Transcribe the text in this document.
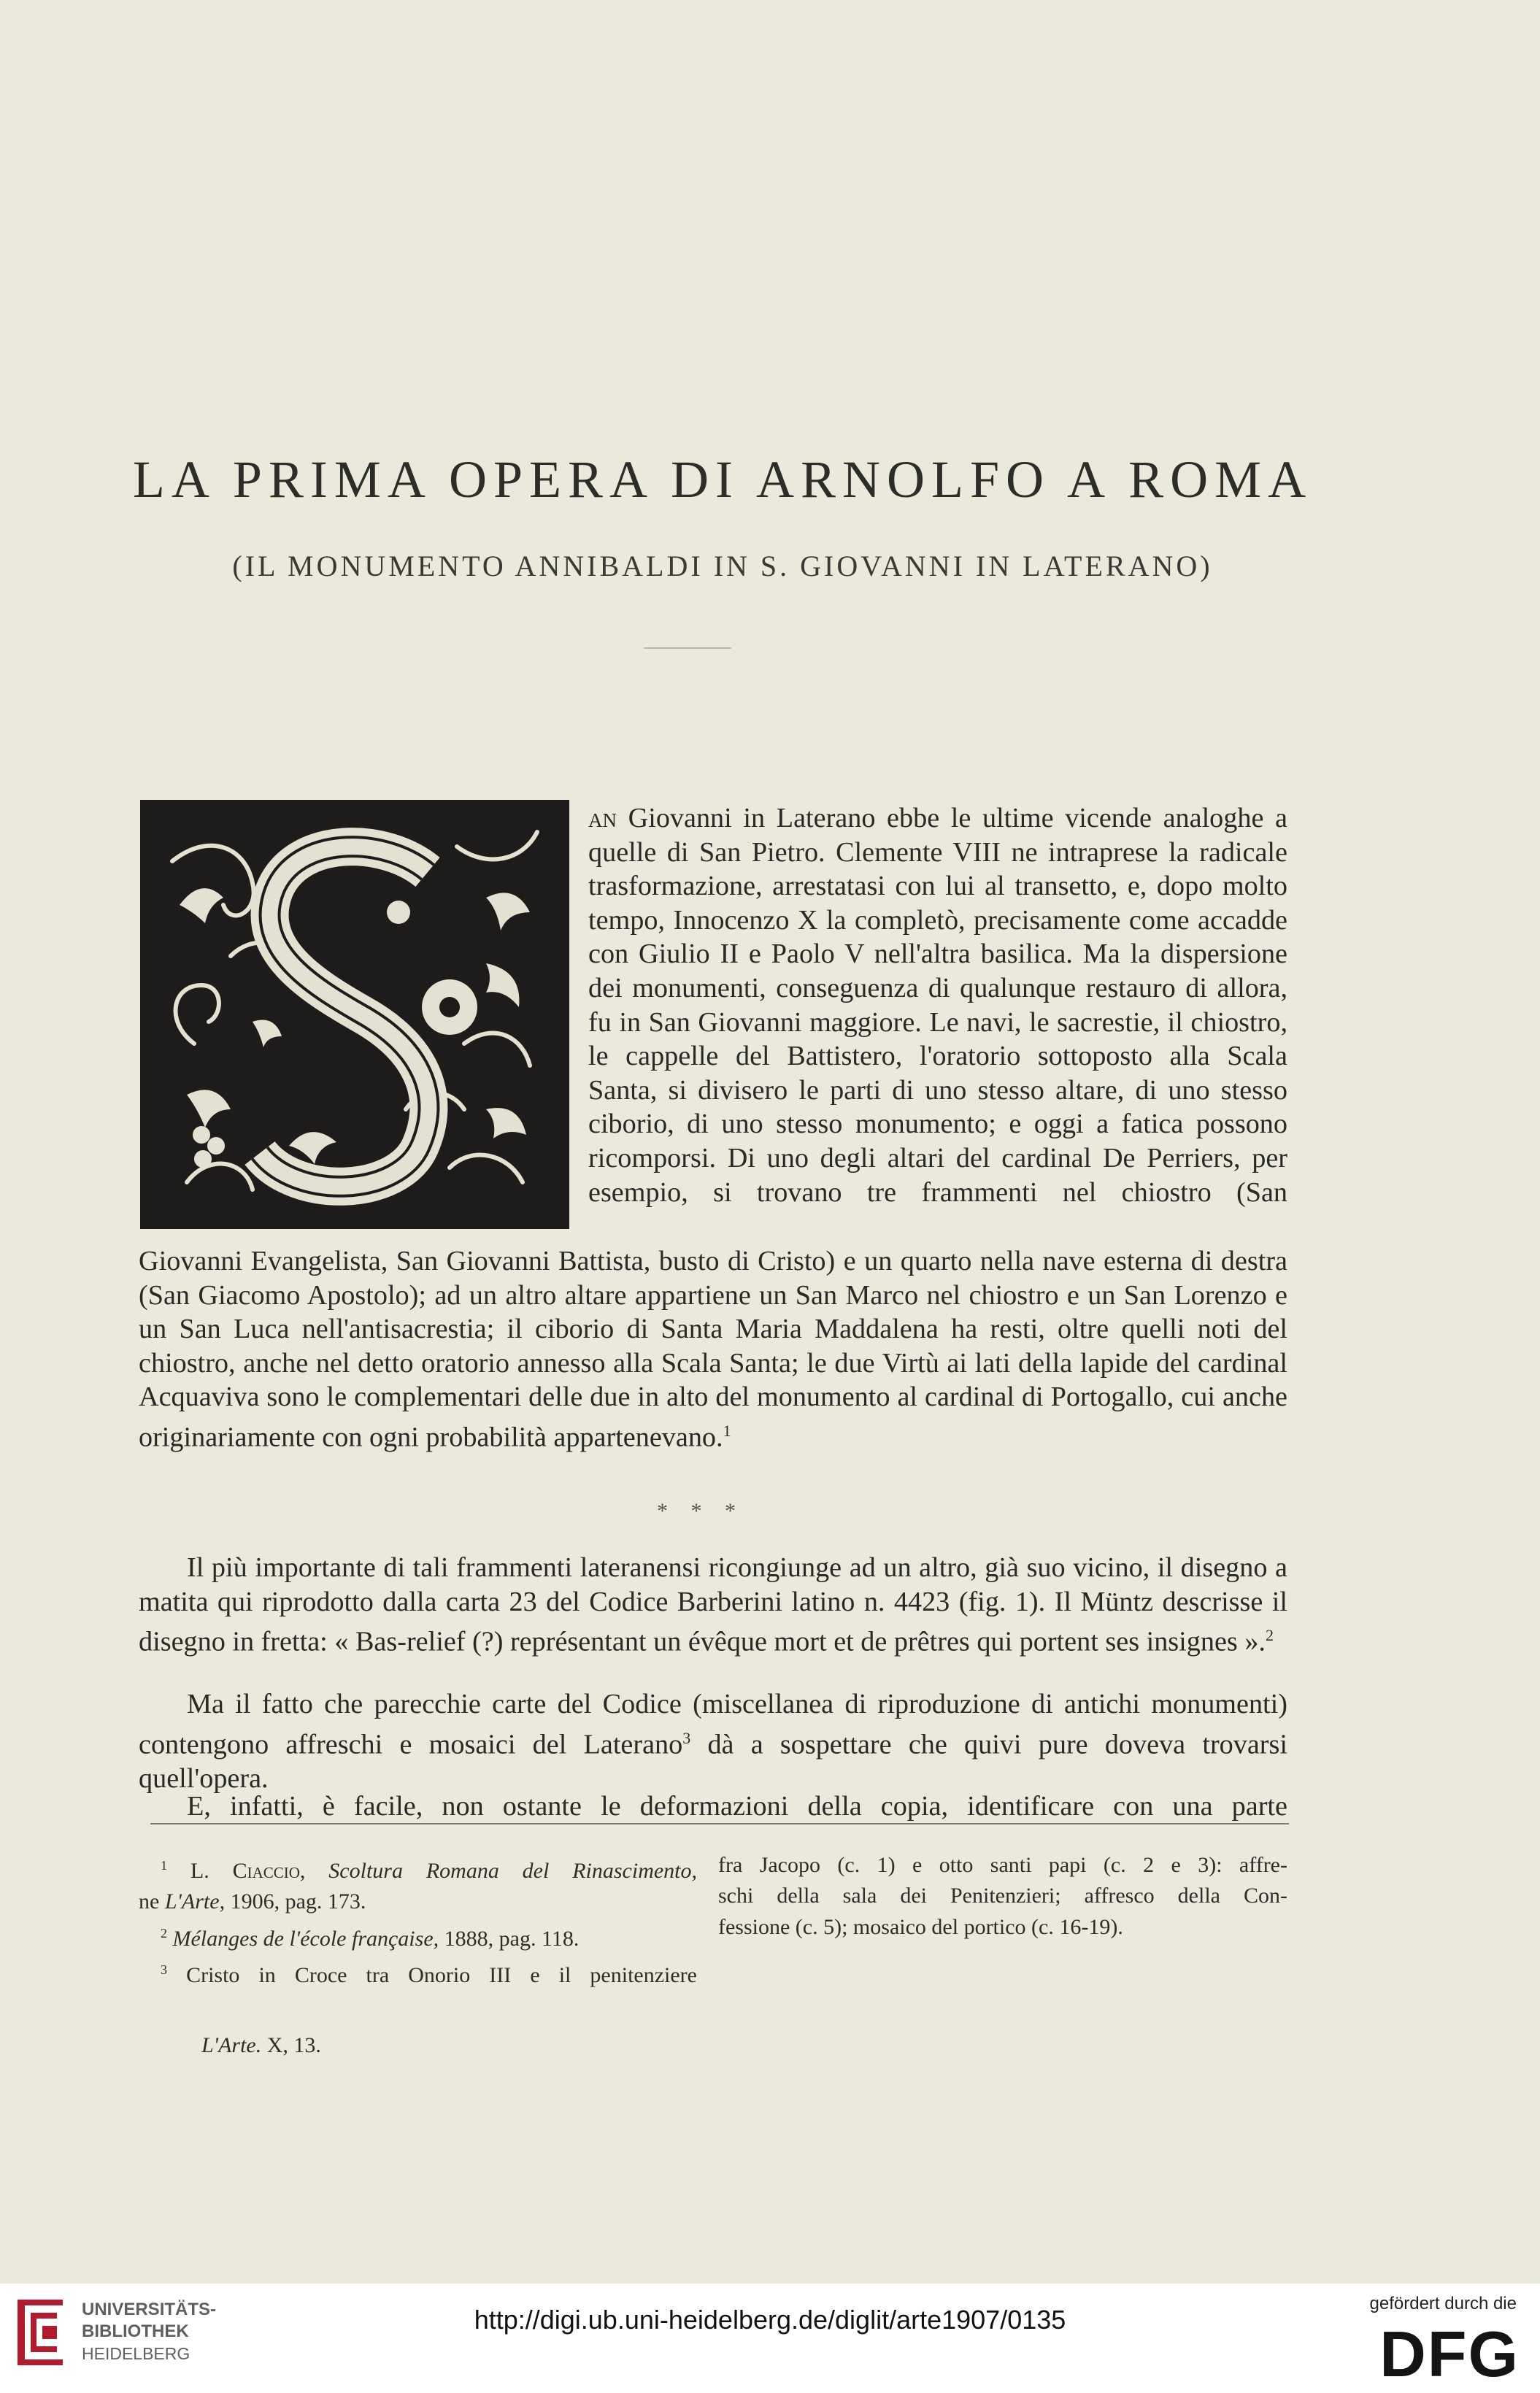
LA PRIMA OPERA DI ARNOLFO A ROMA
(IL MONUMENTO ANNIBALDI IN S. GIOVANNI IN LATERANO)

an Giovanni in Laterano ebbe le ultime vicende analoghe a quelle di San Pietro. Clemente VIII ne intraprese la radicale trasformazione, arrestatasi con lui al transetto, e, dopo molto tempo, Innocenzo X la completò, precisamente come accadde con Giulio II e Paolo V nell'altra basilica. Ma la dispersione dei monumenti, conseguenza di qualunque restauro di allora, fu in San Giovanni maggiore. Le navi, le sacrestie, il chiostro, le cappelle del Battistero, l'oratorio sottoposto alla Scala Santa, si divisero le parti di uno stesso altare, di uno stesso ciborio, di uno stesso monumento; e oggi a fatica possono ricomporsi. Di uno degli altari del cardinal De Perriers, per esempio, si trovano tre frammenti nel chiostro (San

Giovanni Evangelista, San Giovanni Battista, busto di Cristo) e un quarto nella nave esterna di destra (San Giacomo Apostolo); ad un altro altare appartiene un San Marco nel chiostro e un San Lorenzo e un San Luca nell'antisacrestia; il ciborio di Santa Maria Maddalena ha resti, oltre quelli noti del chiostro, anche nel detto oratorio annesso alla Scala Santa; le due Virtù ai lati della lapide del cardinal Acquaviva sono le complementari delle due in alto del monumento al cardinal di Portogallo, cui anche originariamente con ogni probabilità appartenevano.$^1$

* * *

Il più importante di tali frammenti lateranensi ricongiunge ad un altro, già suo vicino, il disegno a matita qui riprodotto dalla carta 23 del Codice Barberini latino n. 4423 (fig. 1). Il Müntz descrisse il disegno in fretta: « Bas-relief (?) représentant un évêque mort et de prêtres qui portent ses insignes ».$^2$

Ma il fatto che parecchie carte del Codice (miscellanea di riproduzione di antichi monumenti) contengono affreschi e mosaici del Laterano$^3$ dà a sospettare che quivi pure doveva trovarsi quell'opera.

E, infatti, è facile, non ostante le deformazioni della copia, identificare con una parte

$^1$ L. Ciaccio, Scoltura Romana del Rinascimento,
ne L'Arte, 1906, pag. 173.
$^2$ Mélanges de l'école française, 1888, pag. 118.
$^3$ Cristo in Croce tra Onorio III e il penitenziere
fra Jacopo (c. 1) e otto santi papi (c. 2 e 3): affre-
schi della sala dei Penitenzieri; affresco della Con-
fessione (c. 5); mosaico del portico (c. 16-19).
L'Arte. X, 13.
UNIVERSITÄTS-
BIBLIOTHEK
HEIDELBERG
http://digi.ub.uni-heidelberg.de/diglit/arte1907/0135
gefördert durch die
DFG
